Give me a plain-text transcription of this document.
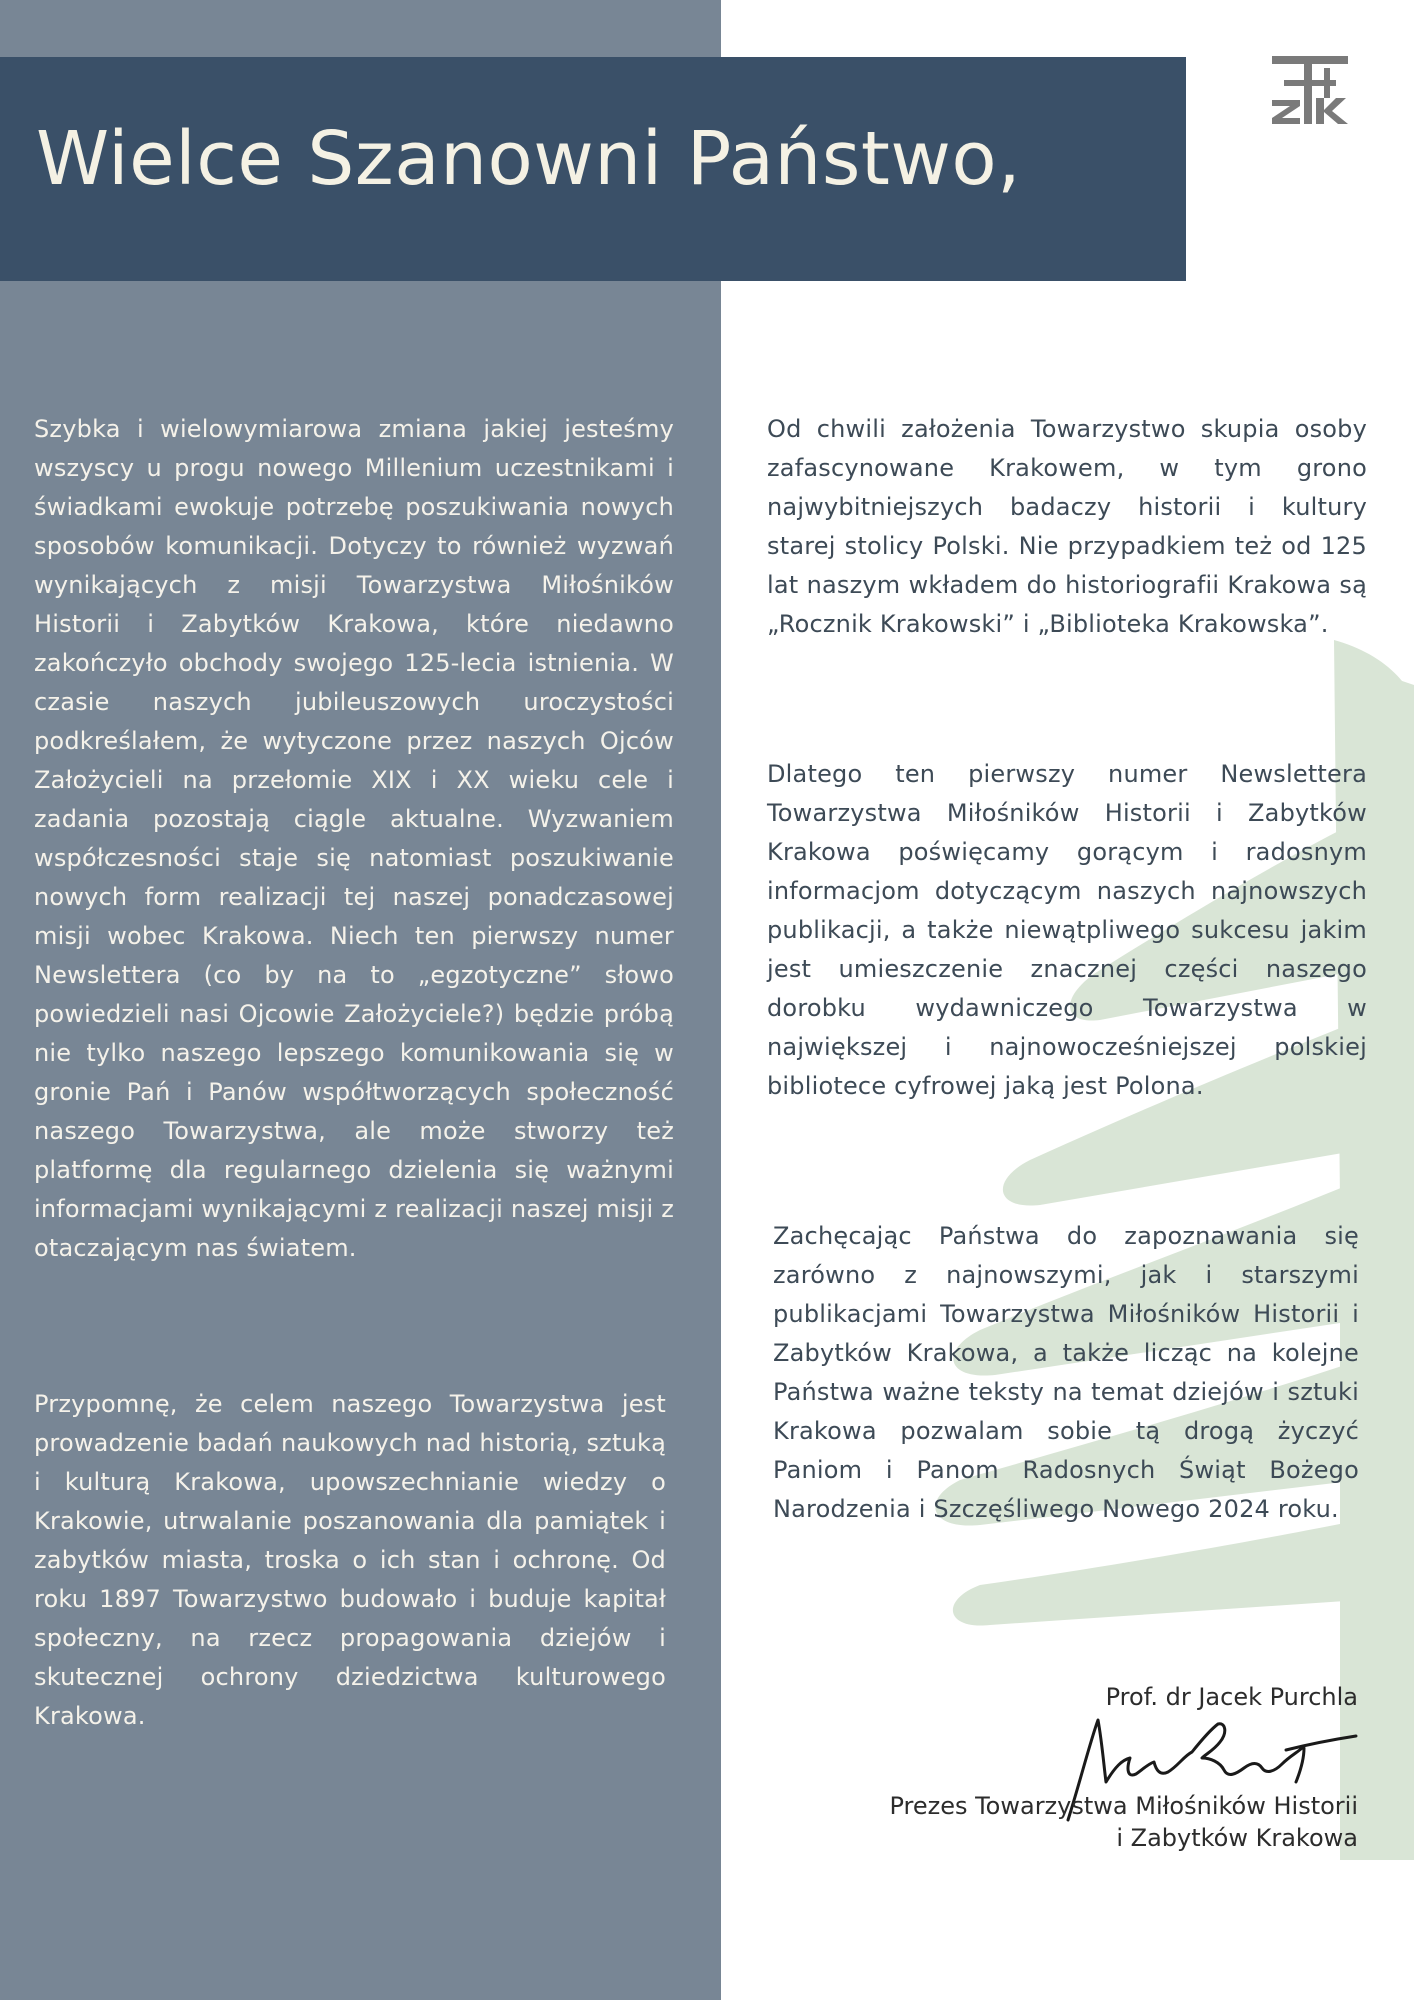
Wielce Szanowni Państwo,

Szybka i wielowymiarowa zmiana jakiej jesteśmy wszyscy u progu nowego Millenium uczestnikami i świadkami ewokuje potrzebę poszukiwania nowych sposobów komunikacji. Dotyczy to również wyzwań wynikających z misji Towarzystwa Miłośników Historii i Zabytków Krakowa, które niedawno zakończyło obchody swojego 125-lecia istnienia. W czasie naszych jubileuszowych uroczystości podkreślałem, że wytyczone przez naszych Ojców Założycieli na przełomie XIX i XX wieku cele i zadania pozostają ciągle aktualne. Wyzwaniem współczesności staje się natomiast poszukiwanie nowych form realizacji tej naszej ponadczasowej misji wobec Krakowa. Niech ten pierwszy numer Newslettera (co by na to „egzotyczne” słowo powiedzieli nasi Ojcowie Założyciele?) będzie próbą nie tylko naszego lepszego komunikowania się w gronie Pań i Panów współtworzących społeczność naszego Towarzystwa, ale może stworzy też platformę dla regularnego dzielenia się ważnymi informacjami wynikającymi z realizacji naszej misji z otaczającym nas światem.

Przypomnę, że celem naszego Towarzystwa jest prowadzenie badań naukowych nad historią, sztuką i kulturą Krakowa, upowszechnianie wiedzy o Krakowie, utrwalanie poszanowania dla pamiątek i zabytków miasta, troska o ich stan i ochronę. Od roku 1897 Towarzystwo budowało i buduje kapitał społeczny, na rzecz propagowania dziejów i skutecznej ochrony dziedzictwa kulturowego Krakowa.

Od chwili założenia Towarzystwo skupia osoby zafascynowane Krakowem, w tym grono najwybitniejszych badaczy historii i kultury starej stolicy Polski. Nie przypadkiem też od 125 lat naszym wkładem do historiografii Krakowa są „Rocznik Krakowski” i „Biblioteka Krakowska”.

Dlatego ten pierwszy numer Newslettera Towarzystwa Miłośników Historii i Zabytków Krakowa poświęcamy gorącym i radosnym informacjom dotyczącym naszych najnowszych publikacji, a także niewątpliwego sukcesu jakim jest umieszczenie znacznej części naszego dorobku wydawniczego Towarzystwa w największej i najnowocześniejszej polskiej bibliotece cyfrowej jaką jest Polona.

Zachęcając Państwa do zapoznawania się zarówno z najnowszymi, jak i starszymi publikacjami Towarzystwa Miłośników Historii i Zabytków Krakowa, a także licząc na kolejne Państwa ważne teksty na temat dziejów i sztuki Krakowa pozwalam sobie tą drogą życzyć Paniom i Panom Radosnych Świąt Bożego Narodzenia i Szczęśliwego Nowego 2024 roku.

Prof. dr Jacek Purchla

Prezes Towarzystwa Miłośników Historii
i Zabytków Krakowa
